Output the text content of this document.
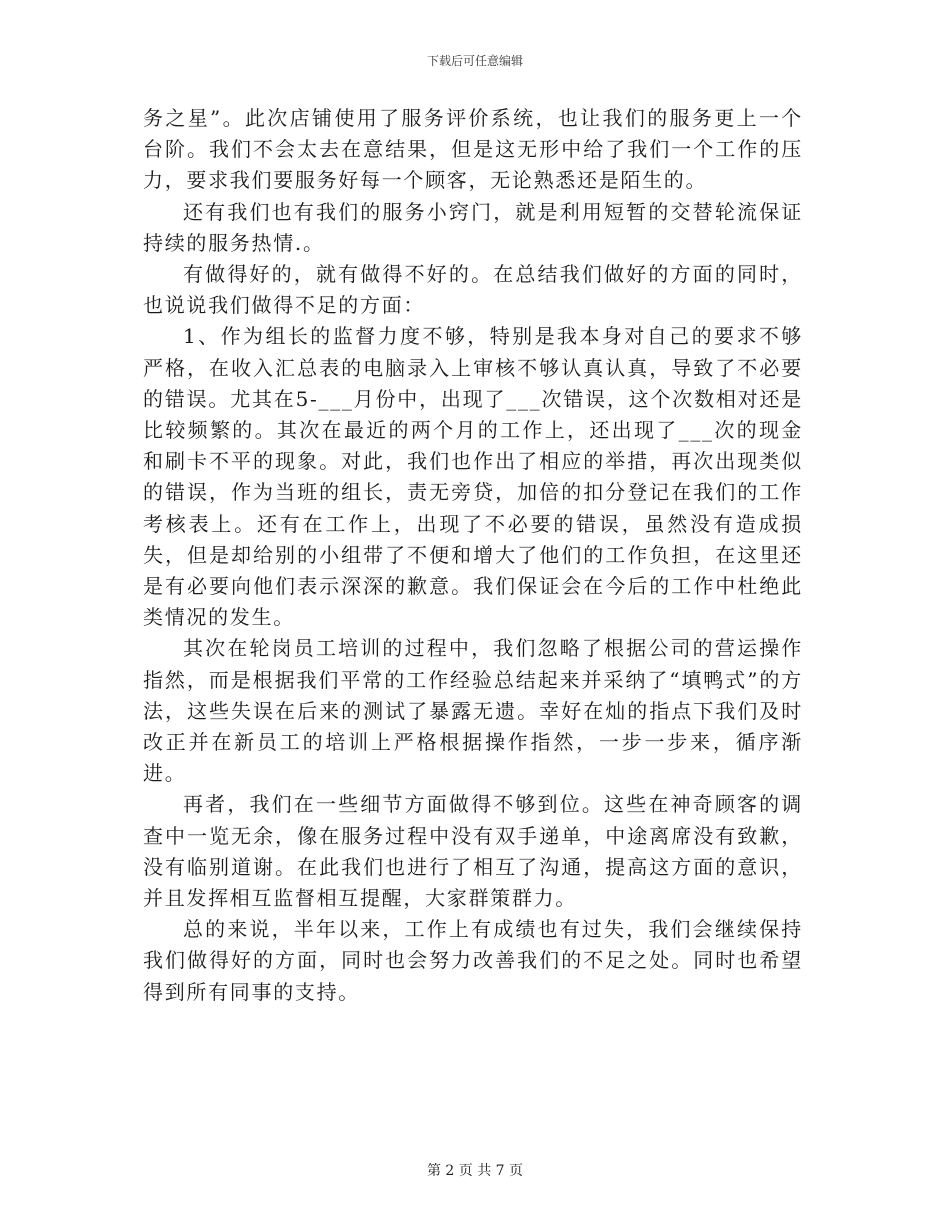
下载后可任意编辑

务之星”。此次店铺使用了服务评价系统，也让我们的服务更上一个台阶。我们不会太去在意结果，但是这无形中给了我们一个工作的压力，要求我们要服务好每一个顾客，无论熟悉还是陌生的。

还有我们也有我们的服务小窍门，就是利用短暂的交替轮流保证持续的服务热情.。

有做得好的，就有做得不好的。在总结我们做好的方面的同时，也说说我们做得不足的方面：

1、作为组长的监督力度不够，特别是我本身对自己的要求不够严格，在收入汇总表的电脑录入上审核不够认真认真，导致了不必要的错误。尤其在5-___月份中，出现了___次错误，这个次数相对还是比较频繁的。其次在最近的两个月的工作上，还出现了___次的现金和刷卡不平的现象。对此，我们也作出了相应的举措，再次出现类似的错误，作为当班的组长，责无旁贷，加倍的扣分登记在我们的工作考核表上。还有在工作上，出现了不必要的错误，虽然没有造成损失，但是却给别的小组带了不便和增大了他们的工作负担，在这里还是有必要向他们表示深深的歉意。我们保证会在今后的工作中杜绝此类情况的发生。

其次在轮岗员工培训的过程中，我们忽略了根据公司的营运操作指然，而是根据我们平常的工作经验总结起来并采纳了“填鸭式”的方法，这些失误在后来的测试了暴露无遗。幸好在灿的指点下我们及时改正并在新员工的培训上严格根据操作指然，一步一步来，循序渐进。

再者，我们在一些细节方面做得不够到位。这些在神奇顾客的调查中一览无余，像在服务过程中没有双手递单，中途离席没有致歉，没有临别道谢。在此我们也进行了相互了沟通，提高这方面的意识，并且发挥相互监督相互提醒，大家群策群力。

总的来说，半年以来，工作上有成绩也有过失，我们会继续保持我们做得好的方面，同时也会努力改善我们的不足之处。同时也希望得到所有同事的支持。

第 2 页 共 7 页
